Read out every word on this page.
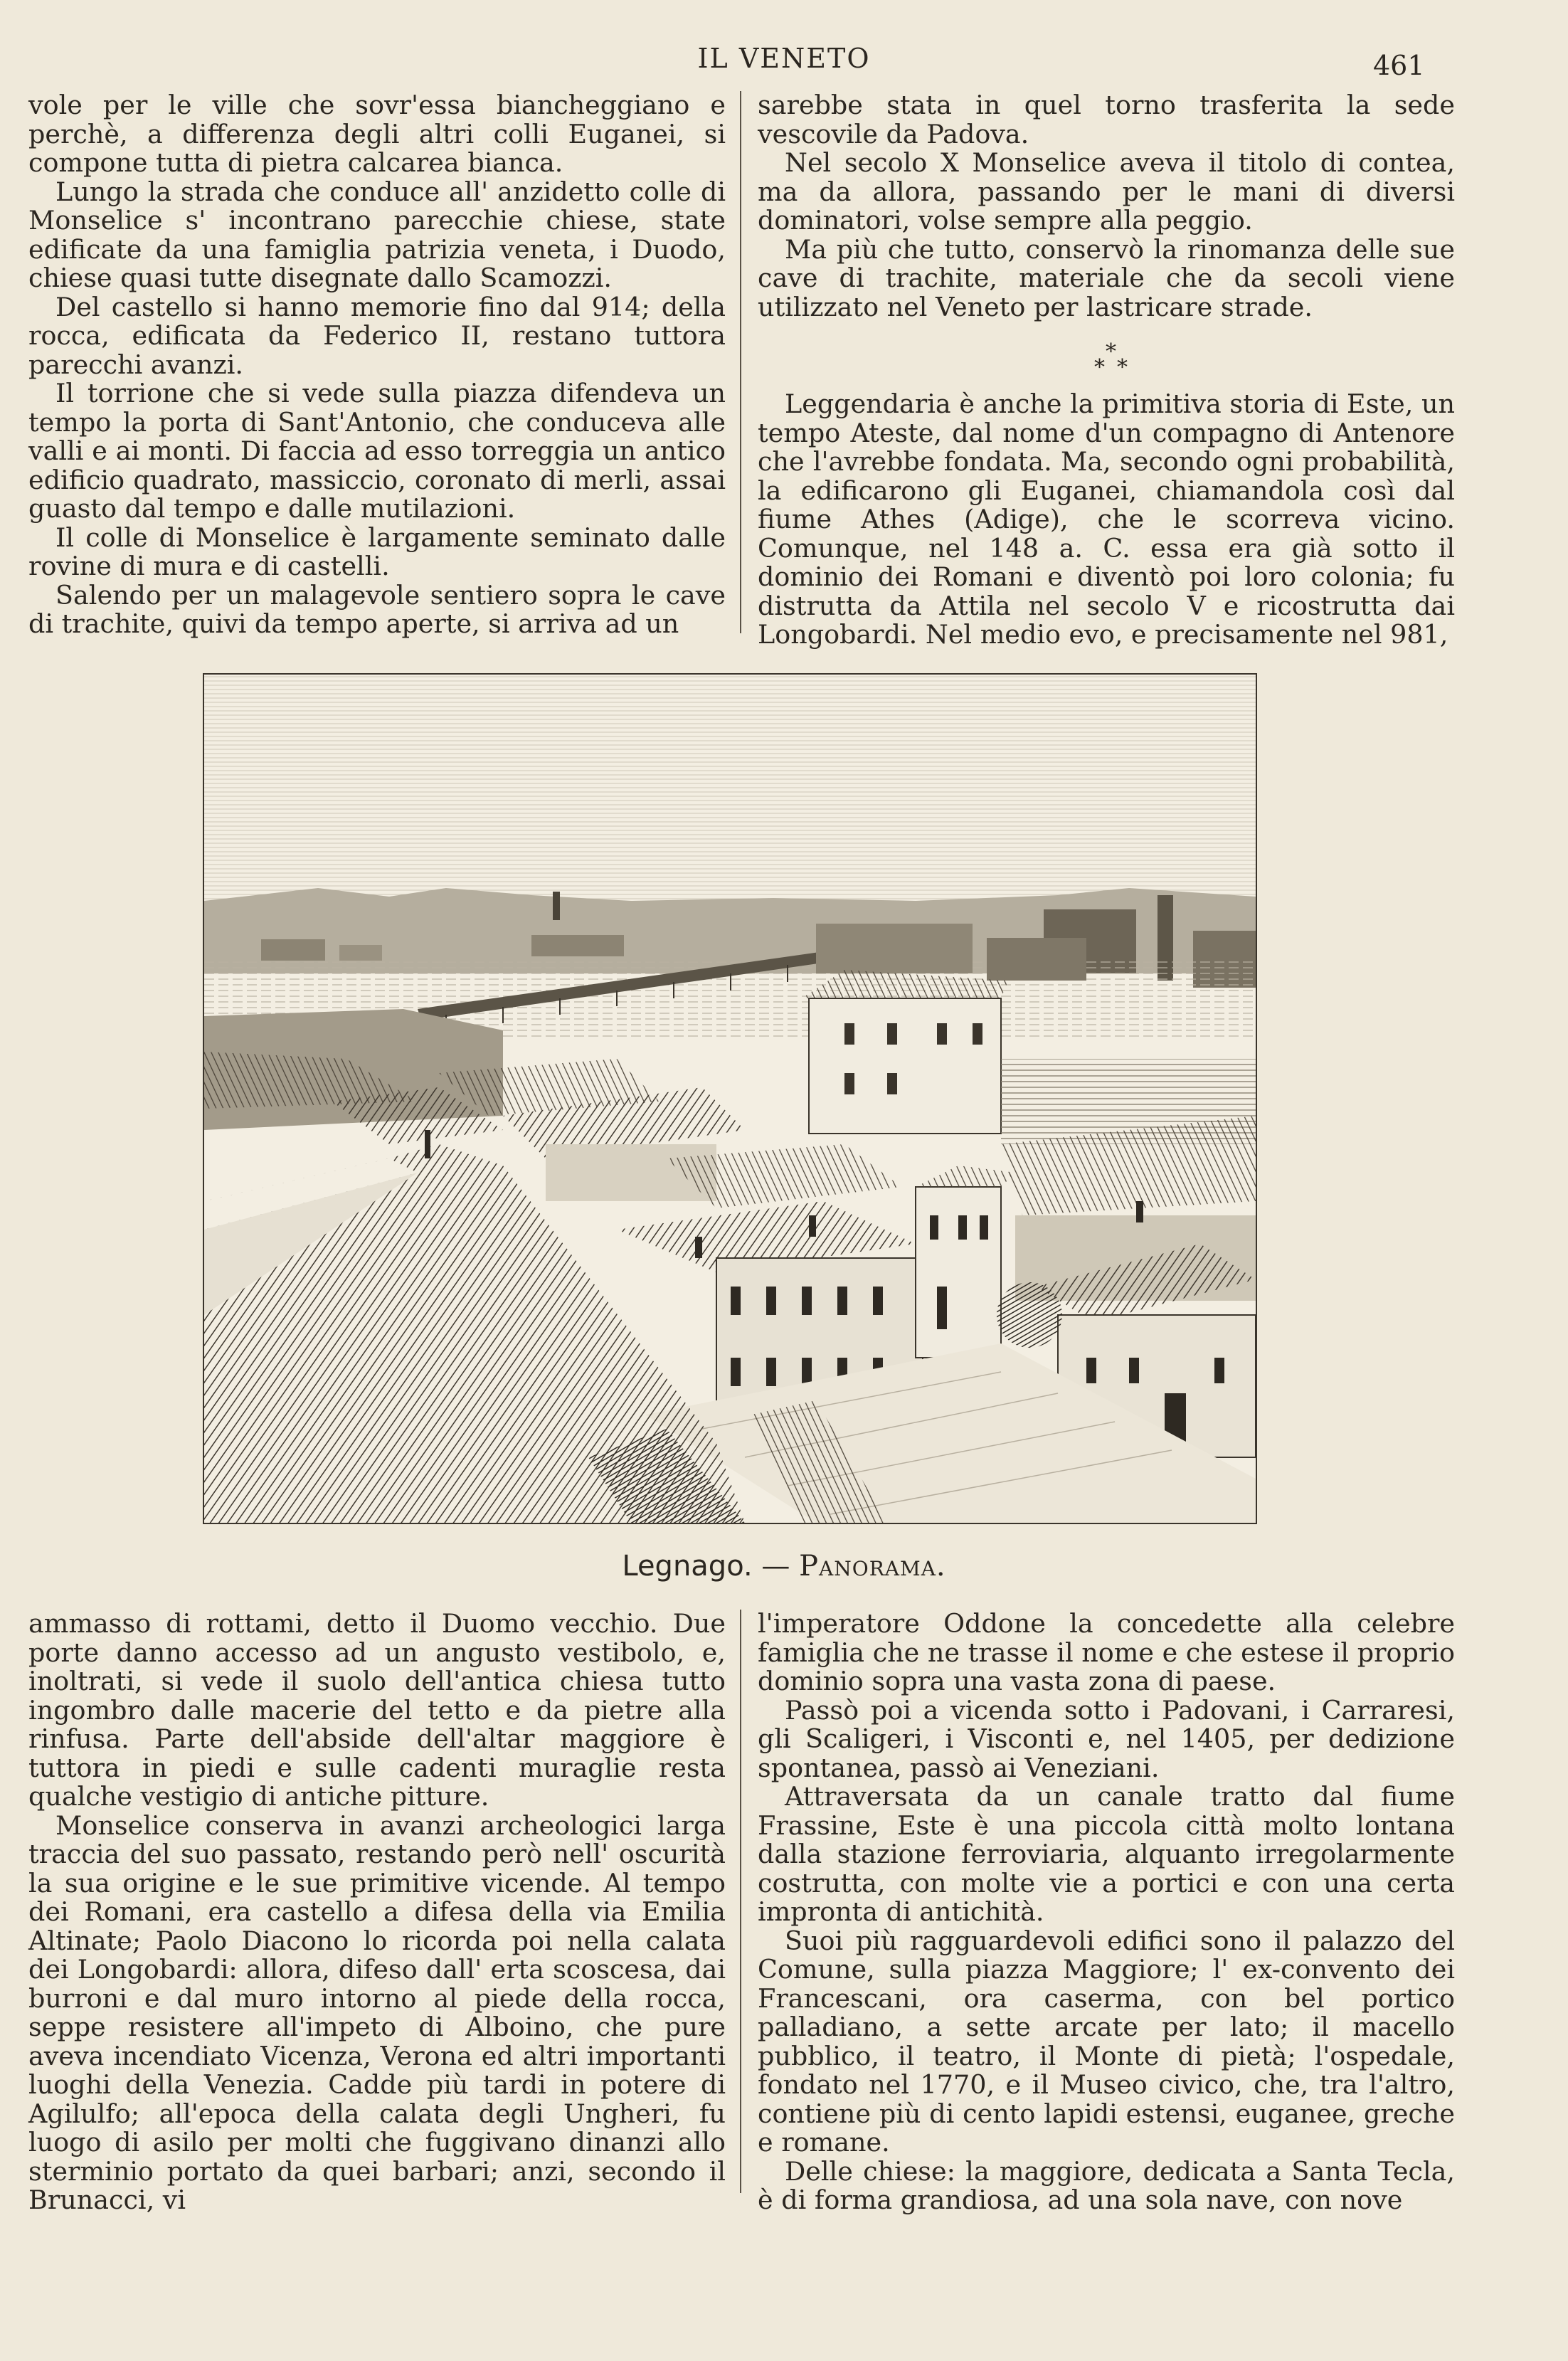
IL VENETO	461

vole per le ville che sovr'essa biancheggiano e perchè, a differenza degli altri colli Euganei, si compone tutta di pietra calcarea bianca.

Lungo la strada che conduce all' anzidetto colle di Monselice s' incontrano parecchie chiese, state edificate da una famiglia patrizia veneta, i Duodo, chiese quasi tutte disegnate dallo Scamozzi.

Del castello si hanno memorie fino dal 914; della rocca, edificata da Federico II, restano tuttora parecchi avanzi.

Il torrione che si vede sulla piazza difendeva un tempo la porta di Sant'Antonio, che conduceva alle valli e ai monti. Di faccia ad esso torreggia un antico edificio quadrato, massiccio, coronato di merli, assai guasto dal tempo e dalle mutilazioni.

Il colle di Monselice è largamente seminato dalle rovine di mura e di castelli.

Salendo per un malagevole sentiero sopra le cave di trachite, quivi da tempo aperte, si arriva ad un

sarebbe stata in quel torno trasferita la sede vescovile da Padova.

Nel secolo X Monselice aveva il titolo di contea, ma da allora, passando per le mani di diversi dominatori, volse sempre alla peggio.

Ma più che tutto, conservò la rinomanza delle sue cave di trachite, materiale che da secoli viene utilizzato nel Veneto per lastricare strade.

Leggendaria è anche la primitiva storia di Este, un tempo Ateste, dal nome d'un compagno di Antenore che l'avrebbe fondata. Ma, secondo ogni probabilità, la edificarono gli Euganei, chiamandola così dal fiume Athes (Adige), che le scorreva vicino. Comunque, nel 148 a. C. essa era già sotto il dominio dei Romani e diventò poi loro colonia; fu distrutta da Attila nel secolo V e ricostrutta dai Longobardi. Nel medio evo, e precisamente nel 981,

*
* *
Legnago. — Panorama.

ammasso di rottami, detto il Duomo vecchio. Due porte danno accesso ad un angusto vestibolo, e, inoltrati, si vede il suolo dell'antica chiesa tutto ingombro dalle macerie del tetto e da pietre alla rinfusa. Parte dell'abside dell'altar maggiore è tuttora in piedi e sulle cadenti muraglie resta qualche vestigio di antiche pitture.

Monselice conserva in avanzi archeologici larga traccia del suo passato, restando però nell' oscurità la sua origine e le sue primitive vicende. Al tempo dei Romani, era castello a difesa della via Emilia Altinate; Paolo Diacono lo ricorda poi nella calata dei Longobardi: allora, difeso dall' erta scoscesa, dai burroni e dal muro intorno al piede della rocca, seppe resistere all'impeto di Alboino, che pure aveva incendiato Vicenza, Verona ed altri importanti luoghi della Venezia. Cadde più tardi in potere di Agilulfo; all'epoca della calata degli Ungheri, fu luogo di asilo per molti che fuggivano dinanzi allo sterminio portato da quei barbari; anzi, secondo il Brunacci, vi

l'imperatore Oddone la concedette alla celebre famiglia che ne trasse il nome e che estese il proprio dominio sopra una vasta zona di paese.

Passò poi a vicenda sotto i Padovani, i Carraresi, gli Scaligeri, i Visconti e, nel 1405, per dedizione spontanea, passò ai Veneziani.

Attraversata da un canale tratto dal fiume Frassine, Este è una piccola città molto lontana dalla stazione ferroviaria, alquanto irregolarmente costrutta, con molte vie a portici e con una certa impronta di antichità.

Suoi più ragguardevoli edifici sono il palazzo del Comune, sulla piazza Maggiore; l' ex-convento dei Francescani, ora caserma, con bel portico palladiano, a sette arcate per lato; il macello pubblico, il teatro, il Monte di pietà; l'ospedale, fondato nel 1770, e il Museo civico, che, tra l'altro, contiene più di cento lapidi estensi, euganee, greche e romane.

Delle chiese: la maggiore, dedicata a Santa Tecla, è di forma grandiosa, ad una sola nave, con nove
